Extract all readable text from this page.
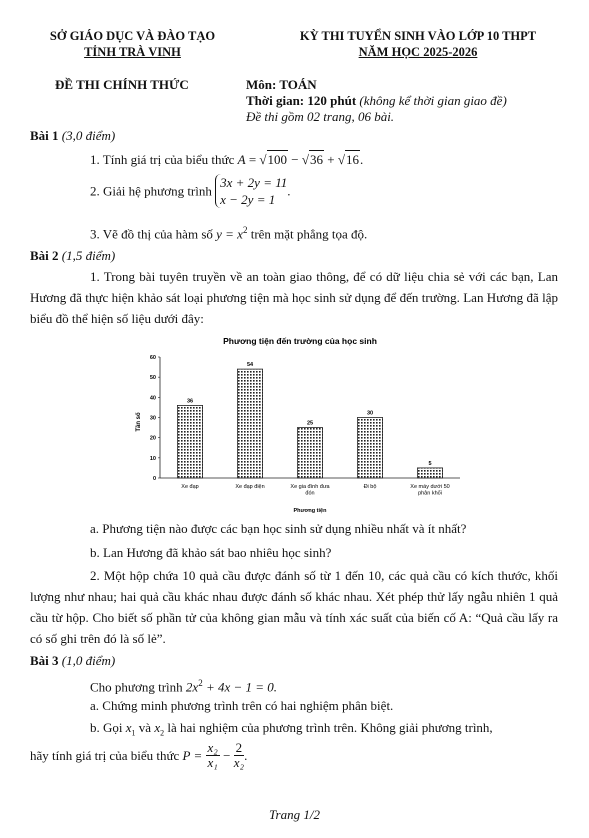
SỞ GIÁO DỤC VÀ ĐÀO TẠO
TỈNH TRÀ VINH
KỲ THI TUYỂN SINH VÀO LỚP 10 THPT
NĂM HỌC 2025-2026
ĐỀ THI CHÍNH THỨC	Môn: TOÁN
Thời gian: 120 phút (không kể thời gian giao đề)
Đề thi gồm 02 trang, 06 bài.
Bài 1 (3,0 điểm)
1. Tính giá trị của biểu thức A = √100 − √36 + √16.
2. Giải hệ phương trình
3x + 2y = 11
x − 2y = 1
.
3. Vẽ đồ thị của hàm số $y = x^2$ trên mặt phẳng tọa độ.
Bài 2 (1,5 điểm)
1. Trong bài tuyên truyền về an toàn giao thông, để có dữ liệu chia sẻ với các bạn, Lan Hương đã thực hiện khảo sát loại phương tiện mà học sinh sử dụng để đến trường. Lan Hương đã lập biểu đồ thể hiện số liệu dưới đây:
Phương tiện đến trường của học sinh
Tần số
0
10
20
30
40
50
60
36
Xe đạp
54
Xe đạp điện
25
Xe gia đình đưa đón
30
Đi bộ
5
Xe máy dưới 50 phân khối
Phương tiện
a. Phương tiện nào được các bạn học sinh sử dụng nhiều nhất và ít nhất?
b. Lan Hương đã khảo sát bao nhiêu học sinh?
2. Một hộp chứa 10 quả cầu được đánh số từ 1 đến 10, các quả cầu có kích thước, khối lượng như nhau; hai quả cầu khác nhau được đánh số khác nhau. Xét phép thử lấy ngẫu nhiên 1 quả cầu từ hộp. Cho biết số phần tử của không gian mẫu và tính xác suất của biến cố A: “Quả cầu lấy ra có số ghi trên đó là số lẻ”.
Bài 3 (1,0 điểm)
Cho phương trình $2x^2 + 4x - 1 = 0$.
a. Chứng minh phương trình trên có hai nghiệm phân biệt.
b. Gọi $x_1$ và $x_2$ là hai nghiệm của phương trình trên. Không giải phương trình,
hãy tính giá trị của biểu thức $P = \frac{\text{x₂}}{\text{x₁}} - \frac{2}{\text{x₂}}$ .
Trang 1/2
